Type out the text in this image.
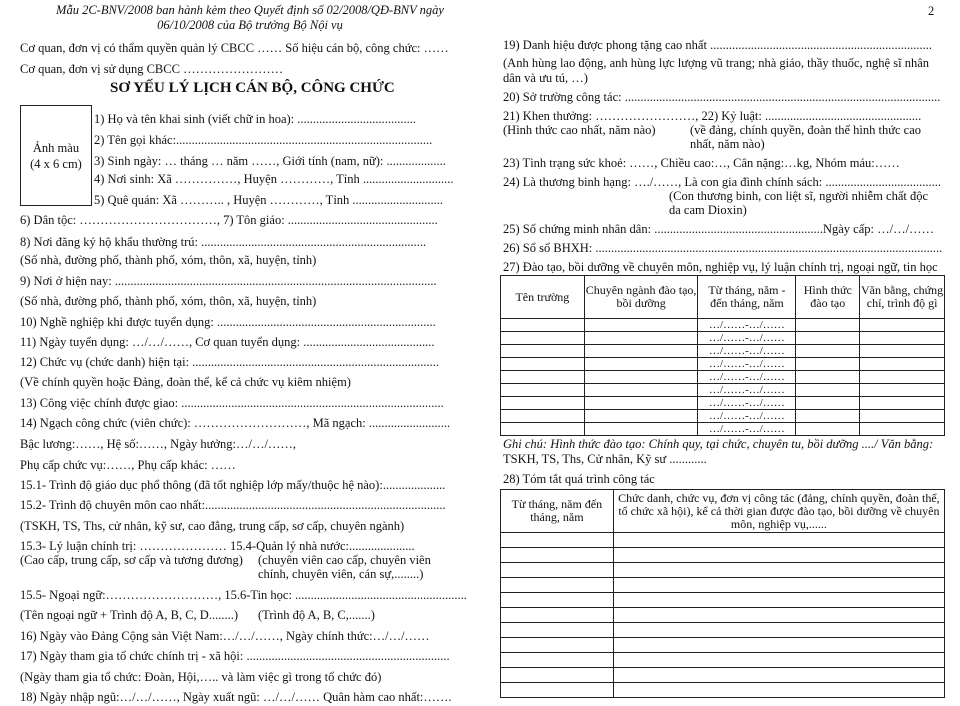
Mẫu 2C-BNV/2008 ban hành kèm theo Quyết định số 02/2008/QĐ-BNV ngày
06/10/2008 của Bộ trưởng Bộ Nội vụ
2
Cơ quan, đơn vị có thẩm quyền quản lý CBCC …… Số hiệu cán bộ, công chức: ……
Cơ quan, đơn vị sử dụng CBCC ……………………
SƠ YẾU LÝ LỊCH CÁN BỘ, CÔNG CHỨC
Ảnh màu
(4 x 6 cm)
1) Họ và tên khai sinh (viết chữ in hoa): ......................................
2) Tên gọi khác:..................................................................................
3) Sinh ngày: … tháng … năm ……, Giới tính (nam, nữ): ...................
4) Nơi sinh: Xã ……………, Huyện …………, Tỉnh .............................
5) Quê quán: Xã ……….. , Huyện …………, Tỉnh .............................
6) Dân tộc: ……………………………, 7) Tôn giáo: ................................................
8) Nơi đăng ký hộ khẩu thường trú: ........................................................................
(Số nhà, đường phố, thành phố, xóm, thôn, xã, huyện, tỉnh)
9) Nơi ở hiện nay: .......................................................................................................
(Số nhà, đường phố, thành phố, xóm, thôn, xã, huyện, tỉnh)
10) Nghề nghiệp khi được tuyển dụng: ......................................................................
11) Ngày tuyển dụng: …/…/……, Cơ quan tuyển dụng: ..........................................
12) Chức vụ (chức danh) hiện tại: ...............................................................................
(Về chính quyền hoặc Đảng, đoàn thể, kể cả chức vụ kiêm nhiệm)
13) Công việc chính được giao: ....................................................................................
14) Ngạch công chức (viên chức): ………………………, Mã ngạch: ..........................
Bậc lương:……, Hệ số:……, Ngày hưởng:…/…/……,
Phụ cấp chức vụ:……, Phụ cấp khác: ……
15.1- Trình độ giáo dục phổ thông (đã tốt nghiệp lớp mấy/thuộc hệ nào):....................
15.2- Trình độ chuyên môn cao nhất:.............................................................................
(TSKH, TS, Ths, cử nhân, kỹ sư, cao đẳng, trung cấp, sơ cấp, chuyên ngành)
15.3- Lý luận chính trị: ………………… 15.4-Quản lý nhà nước:.....................
(Cao cấp, trung cấp, sơ cấp và tương đương) (chuyên viên cao cấp, chuyên viên
chính, chuyên viên, cán sự,........)
15.5- Ngoại ngữ:………………………, 15.6-Tin học: .......................................................
(Tên ngoại ngữ + Trình độ A, B, C, D........) (Trình độ A, B, C,.......)
16) Ngày vào Đảng Cộng sản Việt Nam:…/…/……, Ngày chính thức:…/…/……
17) Ngày tham gia tổ chức chính trị - xã hội: .................................................................
(Ngày tham gia tổ chức: Đoàn, Hội,….. và làm việc gì trong tổ chức đó)
18) Ngày nhập ngũ:…/…/……, Ngày xuất ngũ: …/…/…… Quân hàm cao nhất:…….
19) Danh hiệu được phong tặng cao nhất .......................................................................
(Anh hùng lao động, anh hùng lực lượng vũ trang; nhà giáo, thầy thuốc, nghệ sĩ nhân
dân và ưu tú, …)
20) Sở trường công tác: .....................................................................................................
21) Khen thưởng: ……………………, 22) Kỷ luật: ..................................................
(Hình thức cao nhất, năm nào)	(về đảng, chính quyền, đoàn thể hình thức cao
nhất, năm nào)
23) Tình trạng sức khoẻ: ……, Chiều cao:…, Cân nặng:…kg, Nhóm máu:……
24) Là thương binh hạng: …./……, Là con gia đình chính sách: .....................................
(Con thương binh, con liệt sĩ, người nhiễm chất độc
da cam Dioxin)
25) Số chứng minh nhân dân: ......................................................Ngày cấp: …/…/……
26) Sổ sổ BHXH: ...............................................................................................................
27) Đào tạo, bồi dưỡng về chuyên môn, nghiệp vụ, lý luận chính trị, ngoại ngữ, tin học
Tên trường	Chuyên ngành đào tạo, bồi dưỡng	Từ tháng, năm - đến tháng, năm	Hình thức đào tạo	Văn bằng, chứng chỉ, trình độ gì
		…/……-…/……		
		…/……-…/……		
		…/……-…/……		
		…/……-…/……		
		…/……-…/……		
		…/……-…/……		
		…/……-…/……		
		…/……-…/……		
		…/……-…/……		
Ghi chú: Hình thức đào tạo: Chính quy, tại chức, chuyên tu, bồi dưỡng ..../ Văn bằng:
TSKH, TS, Ths, Cử nhân, Kỹ sư ............
28) Tóm tắt quá trình công tác
Từ tháng, năm đến tháng, năm	Chức danh, chức vụ, đơn vị công tác (đảng, chính quyền, đoàn thể, tổ chức xã hội), kể cả thời gian được đào tạo, bồi dưỡng về chuyên môn, nghiệp vụ,......
